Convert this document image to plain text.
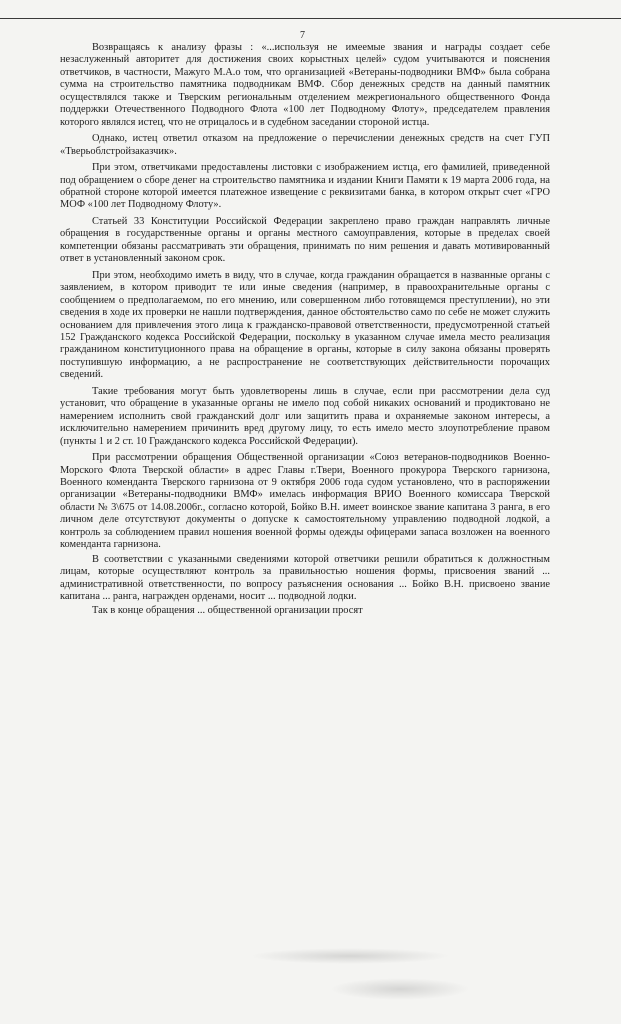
7

Возвращаясь к анализу фразы : «...используя не имеемые звания и награды создает себе незаслуженный авторитет для достижения своих корыстных целей» судом учитываются и пояснения ответчиков, в частности, Мажуго М.А.о том, что организацией «Ветераны-подводники ВМФ» была собрана сумма на строительство памятника подводникам ВМФ. Сбор денежных средств на данный памятник осуществлялся также и Тверским региональным отделением межрегионального общественного Фонда поддержки Отечественного Подводного Флота «100 лет Подводному Флоту», председателем правления которого являлся истец, что не отрицалось и в судебном заседании стороной истца.

Однако, истец ответил отказом на предложение о перечислении денежных средств на счет ГУП «Тверьоблстройзаказчик».

При этом, ответчиками предоставлены листовки с изображением истца, его фамилией, приведенной под обращением о сборе денег на строительство памятника и издании Книги Памяти к 19 марта 2006 года, на обратной стороне которой имеется платежное извещение с реквизитами банка, в котором открыт счет «ГРО МОФ «100 лет Подводному Флоту».

Статьей 33 Конституции Российской Федерации закреплено право граждан направлять личные обращения в государственные органы и органы местного самоуправления, которые в пределах своей компетенции обязаны рассматривать эти обращения, принимать по ним решения и давать мотивированный ответ в установленный законом срок.

При этом, необходимо иметь в виду, что в случае, когда гражданин обращается в названные органы с заявлением, в котором приводит те или иные сведения (например, в правоохранительные органы с сообщением о предполагаемом, по его мнению, или совершенном либо готовящемся преступлении), но эти сведения в ходе их проверки не нашли подтверждения, данное обстоятельство само по себе не может служить основанием для привлечения этого лица к гражданско-правовой ответственности, предусмотренной статьей 152 Гражданского кодекса Российской Федерации, поскольку в указанном случае имела место реализация гражданином конституционного права на обращение в органы, которые в силу закона обязаны проверять поступившую информацию, а не распространение не соответствующих действительности порочащих сведений.

Такие требования могут быть удовлетворены лишь в случае, если при рассмотрении дела суд установит, что обращение в указанные органы не имело под собой никаких оснований и продиктовано не намерением исполнить свой гражданский долг или защитить права и охраняемые законом интересы, а исключительно намерением причинить вред другому лицу, то есть имело место злоупотребление правом (пункты 1 и 2 ст. 10 Гражданского кодекса Российской Федерации).

При рассмотрении обращения Общественной организации «Союз ветеранов-подводников Военно-Морского Флота Тверской области» в адрес Главы г.Твери, Военного прокурора Тверского гарнизона, Военного коменданта Тверского гарнизона от 9 октября 2006 года судом установлено, что в распоряжении организации «Ветераны-подводники ВМФ» имелась информация ВРИО Военного комиссара Тверской области № 3\675 от 14.08.2006г., согласно которой, Бойко В.Н. имеет воинское звание капитана 3 ранга, в его личном деле отсутствуют документы о допуске к самостоятельному управлению подводной лодкой, а контроль за соблюдением правил ношения военной формы одежды офицерами запаса возложен на военного коменданта гарнизона.

В соответствии с указанными сведениями которой ответчики решили обратиться к должностным лицам, которые осуществляют контроль за правильностью ношения формы, присвоения званий ... административной ответственности, по вопросу разъяснения основания ... Бойко В.Н. присвоено звание капитана ... ранга, награжден орденами, носит ... подводной лодки.

Так в конце обращения ... общественной организации просят
